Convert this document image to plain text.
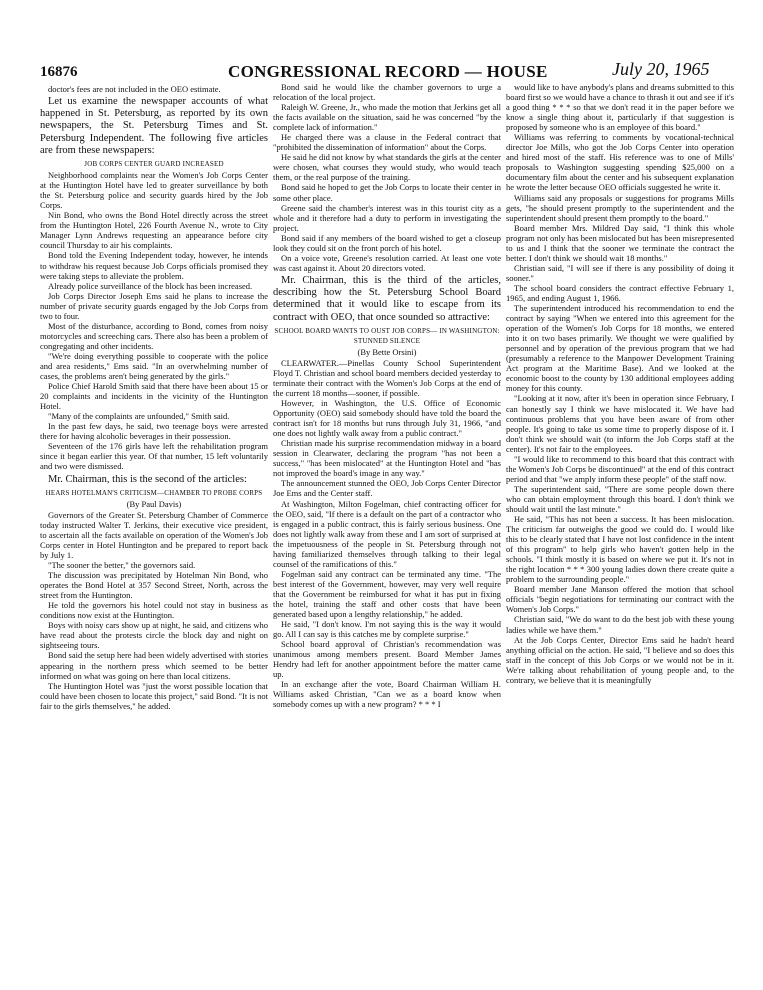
16876	CONGRESSIONAL RECORD — HOUSE	July 20, 1965

doctor's fees are not included in the OEO estimate.

Let us examine the newspaper accounts of what happened in St. Petersburg, as reported by its own newspapers, the St. Petersburg Times and St. Petersburg Independent. The following five articles are from these newspapers:

JOB CORPS CENTER GUARD INCREASED

Neighborhood complaints near the Women's Job Corps Center at the Huntington Hotel have led to greater surveillance by both the St. Petersburg police and security guards hired by the Job Corps.

Nin Bond, who owns the Bond Hotel directly across the street from the Huntington Hotel, 226 Fourth Avenue N., wrote to City Manager Lynn Andrews requesting an appearance before city council Thursday to air his complaints.

Bond told the Evening Independent today, however, he intends to withdraw his request because Job Corps officials promised they were taking steps to alleviate the problem.

Already police surveillance of the block has been increased.

Job Corps Director Joseph Ems said he plans to increase the number of private security guards engaged by the Job Corps from two to four.

Most of the disturbance, according to Bond, comes from noisy motorcycles and screeching cars. There also has been a problem of congregating and other incidents.

"We're doing everything possible to cooperate with the police and area residents," Ems said. "In an overwhelming number of cases, the problems aren't being generated by the girls."

Police Chief Harold Smith said that there have been about 15 or 20 complaints and incidents in the vicinity of the Huntington Hotel.

"Many of the complaints are unfounded," Smith said.

In the past few days, he said, two teenage boys were arrested there for having alcoholic beverages in their possession.

Seventeen of the 176 girls have left the rehabilitation program since it began earlier this year. Of that number, 15 left voluntarily and two were dismissed.

Mr. Chairman, this is the second of the articles:

HEARS HOTELMAN'S CRITICISM—CHAMBER TO PROBE CORPS

(By Paul Davis)

Governors of the Greater St. Petersburg Chamber of Commerce today instructed Walter T. Jerkins, their executive vice president, to ascertain all the facts available on operation of the Women's Job Corps center in Hotel Huntington and be prepared to report back by July 1.

"The sooner the better," the governors said.

The discussion was precipitated by Hotelman Nin Bond, who operates the Bond Hotel at 357 Second Street, North, across the street from the Huntington.

He told the governors his hotel could not stay in business as conditions now exist at the Huntington.

Boys with noisy cars show up at night, he said, and citizens who have read about the protests circle the block day and night on sightseeing tours.

Bond said the setup here had been widely advertised with stories appearing in the northern press which seemed to be better informed on what was going on here than local citizens.

The Huntington Hotel was "just the worst possible location that could have been chosen to locate this project," said Bond. "It is not fair to the girls themselves," he added.

Bond said he would like the chamber governors to urge a relocation of the local project.

Raleigh W. Greene, Jr., who made the motion that Jerkins get all the facts available on the situation, said he was concerned "by the complete lack of information."

He charged there was a clause in the Federal contract that "prohibited the dissemination of information" about the Corps.

He said he did not know by what standards the girls at the center were chosen, what courses they would study, who would teach them, or the real purpose of the training.

Bond said he hoped to get the Job Corps to locate their center in some other place.

Greene said the chamber's interest was in this tourist city as a whole and it therefore had a duty to perform in investigating the project.

Bond said if any members of the board wished to get a closeup look they could sit on the front porch of his hotel.

On a voice vote, Greene's resolution carried. At least one vote was cast against it. About 20 directors voted.

Mr. Chairman, this is the third of the articles, describing how the St. Petersburg School Board determined that it would like to escape from its contract with OEO, that once sounded so attractive:

SCHOOL BOARD WANTS TO OUST JOB CORPS— IN WASHINGTON: STUNNED SILENCE

(By Bette Orsini)

CLEARWATER.—Pinellas County School Superintendent Floyd T. Christian and school board members decided yesterday to terminate their contract with the Women's Job Corps at the end of the current 18 months—sooner, if possible.

However, in Washington, the U.S. Office of Economic Opportunity (OEO) said somebody should have told the board the contract isn't for 18 months but runs through July 31, 1966, "and one does not lightly walk away from a public contract."

Christian made his surprise recommendation midway in a board session in Clearwater, declaring the program "has not been a success," "has been mislocated" at the Huntington Hotel and "has not improved the board's image in any way."

The announcement stunned the OEO, Job Corps Center Director Joe Ems and the Center staff.

At Washington, Milton Fogelman, chief contracting officer for the OEO, said, "If there is a default on the part of a contractor who is engaged in a public contract, this is fairly serious business. One does not lightly walk away from these and I am sort of surprised at the impetuousness of the people in St. Petersburg through not having familiarized themselves through talking to their legal counsel of the ramifications of this."

Fogelman said any contract can be terminated any time. "The best interest of the Government, however, may very well require that the Government be reimbursed for what it has put in fixing the hotel, training the staff and other costs that have been generated based upon a lengthy relationship," he added.

He said, "I don't know. I'm not saying this is the way it would go. All I can say is this catches me by complete surprise."

School board approval of Christian's recommendation was unanimous among members present. Board Member James Hendry had left for another appointment before the matter came up.

In an exchange after the vote, Board Chairman William H. Williams asked Christian, "Can we as a board know when somebody comes up with a new program? * * * I

would like to have anybody's plans and dreams submitted to this board first so we would have a chance to thrash it out and see if it's a good thing * * * so that we don't read it in the paper before we know a single thing about it, particularly if that suggestion is proposed by someone who is an employee of this board."

Williams was referring to comments by vocational-technical director Joe Mills, who got the Job Corps Center into operation and hired most of the staff. His reference was to one of Mills' proposals to Washington suggesting spending $25,000 on a documentary film about the center and his subsequent explanation he wrote the letter because OEO officials suggested he write it.

Williams said any proposals or suggestions for programs Mills gets, "he should present promptly to the superintendent and the superintendent should present them promptly to the board."

Board member Mrs. Mildred Day said, "I think this whole program not only has been mislocated but has been misrepresented to us and I think that the sooner we terminate the contract the better. I don't think we should wait 18 months."

Christian said, "I will see if there is any possibility of doing it sooner."

The school board considers the contract effective February 1, 1965, and ending August 1, 1966.

The superintendent introduced his recommendation to end the contract by saying "When we entered into this agreement for the operation of the Women's Job Corps for 18 months, we entered into it on two bases primarily. We thought we were qualified by personnel and by operation of the previous program that we had (presumably a reference to the Manpower Development Training Act program at the Maritime Base). And we looked at the economic boost to the county by 130 additional employees adding money for this county.

"Looking at it now, after it's been in operation since February, I can honestly say I think we have mislocated it. We have had continuous problems that you have been aware of from other people. It's going to take us some time to properly dispose of it. I don't think we should wait (to inform the Job Corps staff at the center). It's not fair to the employees.

"I would like to recommend to this board that this contract with the Women's Job Corps be discontinued" at the end of this contract period and that "we amply inform these people" of the staff now.

The superintendent said, "There are some people down there who can obtain employment through this board. I don't think we should wait until the last minute."

He said, "This has not been a success. It has been mislocation. The criticism far outweighs the good we could do. I would like this to be clearly stated that I have not lost confidence in the intent of this program" to help girls who haven't gotten help in the schools. "I think mostly it is based on where we put it. It's not in the right location * * * 300 young ladies down there create quite a problem to the surrounding people."

Board member Jane Manson offered the motion that school officials "begin negotiations for terminating our contract with the Women's Job Corps."

Christian said, "We do want to do the best job with these young ladies while we have them."

At the Job Corps Center, Director Ems said he hadn't heard anything official on the action. He said, "I believe and so does this staff in the concept of this Job Corps or we would not be in it. We're talking about rehabilitation of young people and, to the contrary, we believe that it is meaningfully
